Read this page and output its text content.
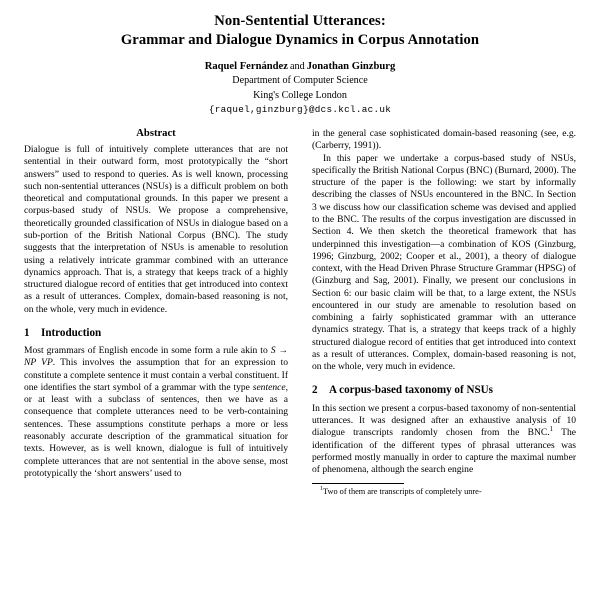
Non-Sentential Utterances:
Grammar and Dialogue Dynamics in Corpus Annotation
Raquel Fernández and Jonathan Ginzburg
Department of Computer Science
King's College London
{raquel,ginzburg}@dcs.kcl.ac.uk
Abstract

Dialogue is full of intuitively complete utterances that are not sentential in their outward form, most prototypically the “short answers” used to respond to queries. As is well known, processing such non-sentential utterances (NSUs) is a difficult problem on both theoretical and computational grounds. In this paper we present a corpus-based study of NSUs. We propose a comprehensive, theoretically grounded classification of NSUs in dialogue based on a sub-portion of the British National Corpus (BNC). The study suggests that the interpretation of NSUs is amenable to resolution using a relatively intricate grammar combined with an utterance dynamics approach. That is, a strategy that keeps track of a highly structured dialogue record of entities that get introduced into context as a result of utterances. Complex, domain-based reasoning is not, on the whole, very much in evidence.

1	Introduction

Most grammars of English encode in some form a rule akin to S → NP VP. This involves the assumption that for an expression to constitute a complete sentence it must contain a verbal constituent. If one identifies the start symbol of a grammar with the type sentence, or at least with a subclass of sentences, then we have as a consequence that complete utterances need to be verb-containing sentences. These assumptions constitute perhaps a more or less reasonably accurate description of the grammatical situation for texts. However, as is well known, dialogue is full of intuitively complete utterances that are not sentential in the above sense, most prototypically the ‘short answers’ used to

in the general case sophisticated domain-based reasoning (see, e.g. (Carberry, 1991)).

In this paper we undertake a corpus-based study of NSUs, specifically the British National Corpus (BNC) (Burnard, 2000). The structure of the paper is the following: we start by informally describing the classes of NSUs encountered in the BNC. In Section 3 we discuss how our classification scheme was devised and applied to the BNC. The results of the corpus investigation are discussed in Section 4. We then sketch the theoretical framework that has underpinned this investigation—a combination of KOS (Ginzburg, 1996; Ginzburg, 2002; Cooper et al., 2001), a theory of dialogue context, with the Head Driven Phrase Structure Grammar (HPSG) of (Ginzburg and Sag, 2001). Finally, we present our conclusions in Section 6: our basic claim will be that, to a large extent, the NSUs encountered in our study are amenable to resolution based on combining a fairly sophisticated grammar with an utterance dynamics strategy. That is, a strategy that keeps track of a highly structured dialogue record of entities that get introduced into context as a result of utterances. Complex, domain-based reasoning is not, on the whole, very much in evidence.

2	A corpus-based taxonomy of NSUs

In this section we present a corpus-based taxonomy of non-sentential utterances. It was designed after an exhaustive analysis of 10 dialogue transcripts randomly chosen from the BNC.$^1$ The identification of the different types of phrasal utterances was performed mostly manually in order to capture the maximal number of phenomena, although the search engine

$^1$Two of them are transcripts of completely unre-
